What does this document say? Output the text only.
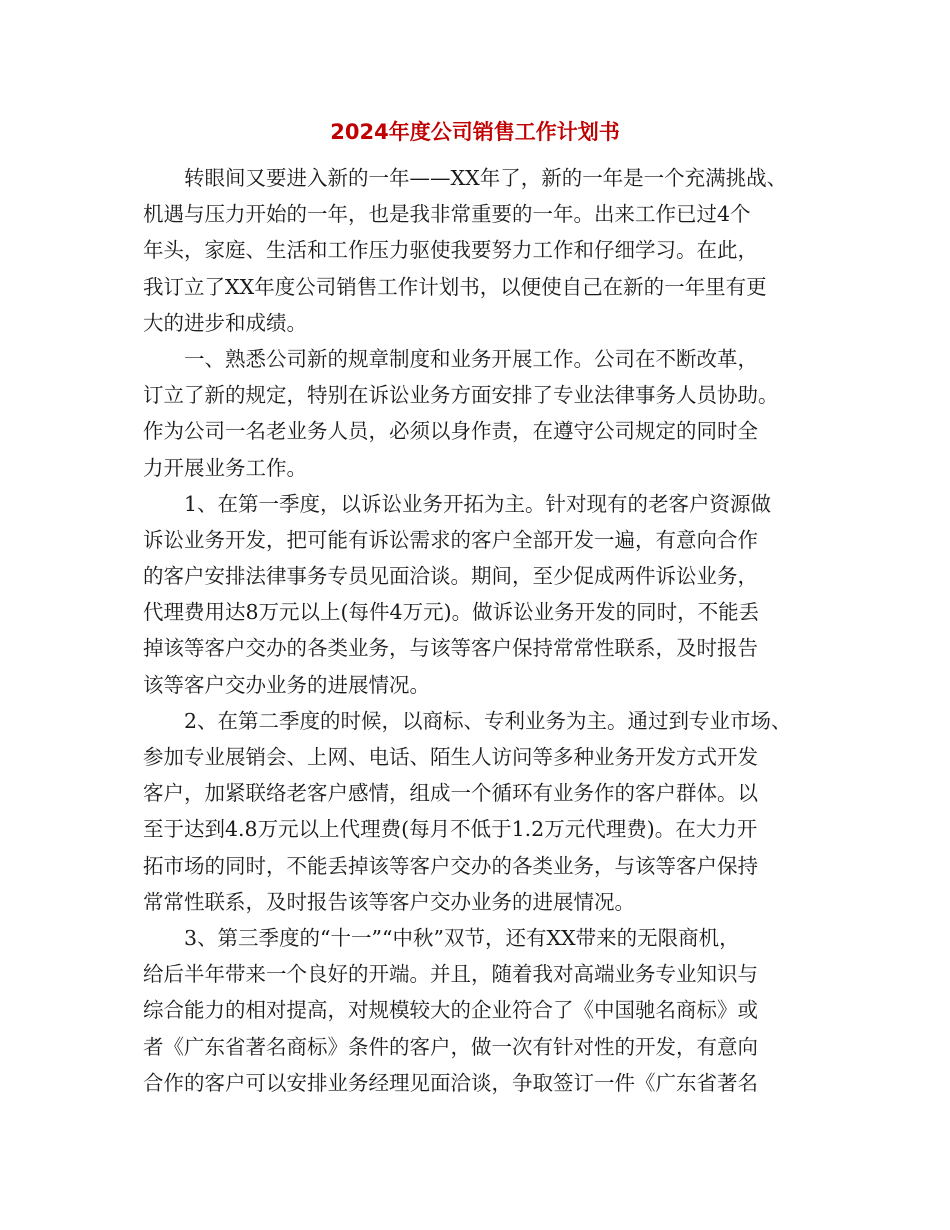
2024年度公司销售工作计划书
转眼间又要进入新的一年——XX年了，新的一年是一个充满挑战、
机遇与压力开始的一年，也是我非常重要的一年。出来工作已过4个
年头，家庭、生活和工作压力驱使我要努力工作和仔细学习。在此，
我订立了XX年度公司销售工作计划书，以便使自己在新的一年里有更
大的进步和成绩。
一、熟悉公司新的规章制度和业务开展工作。公司在不断改革，
订立了新的规定，特别在诉讼业务方面安排了专业法律事务人员协助。
作为公司一名老业务人员，必须以身作责，在遵守公司规定的同时全
力开展业务工作。
1、在第一季度，以诉讼业务开拓为主。针对现有的老客户资源做
诉讼业务开发，把可能有诉讼需求的客户全部开发一遍，有意向合作
的客户安排法律事务专员见面洽谈。期间，至少促成两件诉讼业务，
代理费用达8万元以上(每件4万元)。做诉讼业务开发的同时，不能丢
掉该等客户交办的各类业务，与该等客户保持常常性联系，及时报告
该等客户交办业务的进展情况。
2、在第二季度的时候，以商标、专利业务为主。通过到专业市场、
参加专业展销会、上网、电话、陌生人访问等多种业务开发方式开发
客户，加紧联络老客户感情，组成一个循环有业务作的客户群体。以
至于达到4.8万元以上代理费(每月不低于1.2万元代理费)。在大力开
拓市场的同时，不能丢掉该等客户交办的各类业务，与该等客户保持
常常性联系，及时报告该等客户交办业务的进展情况。
3、第三季度的“十一”“中秋”双节，还有XX带来的无限商机，
给后半年带来一个良好的开端。并且，随着我对高端业务专业知识与
综合能力的相对提高，对规模较大的企业符合了《中国驰名商标》或
者《广东省著名商标》条件的客户，做一次有针对性的开发，有意向
合作的客户可以安排业务经理见面洽谈，争取签订一件《广东省著名
